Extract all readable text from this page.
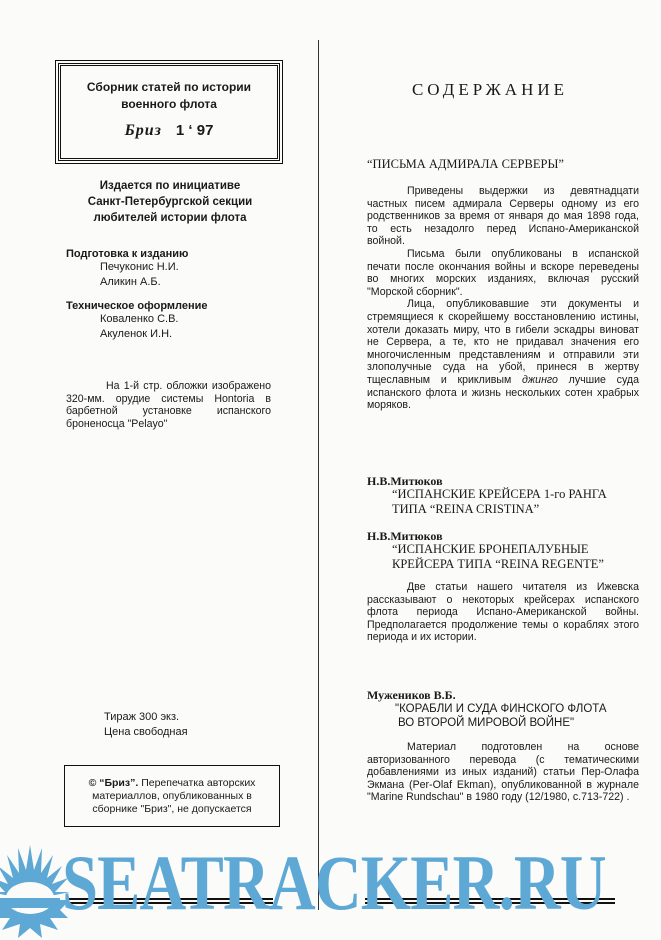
Сборник статей по истории
военного флота
Бриз 1 ‘ 97
Издается по инициативе
Санкт-Петербургской секции
любителей истории флота
Подготовка к изданию
Печуконис Н.И.
Аликин А.Б.
Техническое оформление
Коваленко С.В.
Акуленок И.Н.

На 1-й стр. обложки изображено 320-мм. орудие системы Hontoria в барбетной установке испанского броненосца "Pelayo"

Тираж 300 экз.
Цена свободная
© “Бриз”. Перепечатка авторских материаллов, опубликованных в сборнике "Бриз", не допускается
СОДЕРЖАНИЕ
“ПИСЬМА АДМИРАЛА СЕРВЕРЫ”

Приведены выдержки из девятнадцати частных писем адмирала Серверы одному из его родственников за время от января до мая 1898 года, то есть незадолго перед Испано-Американской войной.

Письма были опубликованы в испанской печати после окончания войны и вскоре переведены во многих морских изданиях, включая русский "Морской сборник".

Лица, опубликовавшие эти документы и стремящиеся к скорейшему восстановлению истины, хотели доказать миру, что в гибели эскадры виноват не Сервера, а те, кто не придавал значения его многочисленным представлениям и отправили эти злополучные суда на убой, принеся в жертву тщеславным и крикливым джинго лучшие суда испанского флота и жизнь нескольких сотен храбрых моряков.

Н.В.Митюков
“ИСПАНСКИЕ КРЕЙСЕРА 1-го РАНГА
ТИПА “REINA CRISTINA”
Н.В.Митюков
“ИСПАНСКИЕ БРОНЕПАЛУБНЫЕ
КРЕЙСЕРА ТИПА “REINA REGENTE”

Две статьи нашего читателя из Ижевска рассказывают о некоторых крейсерах испанского флота периода Испано-Американской войны. Предполагается продолжение темы о кораблях этого периода и их истории.

Мужеников В.Б.
"КОРАБЛИ И СУДА ФИНСКОГО ФЛОТА
ВО ВТОРОЙ МИРОВОЙ ВОЙНЕ"

Материал подготовлен на основе авторизованного перевода (с тематическими добавлениями из иных изданий) статьи Пер-Олафа Экмана (Per-Olaf Ekman), опубликованной в журнале "Marine Rundschau" в 1980 году (12/1980, с.713-722) .

SEATRACKER.RU
